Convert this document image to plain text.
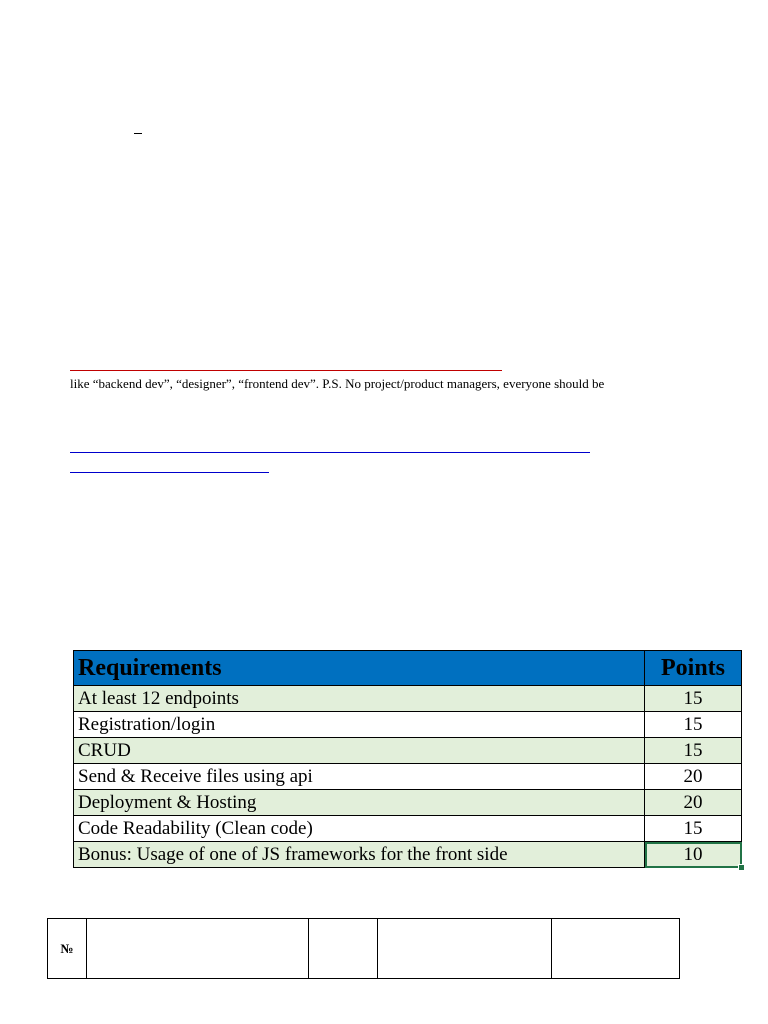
like “backend dev”, “designer”, “frontend dev”. P.S. No project/product managers, everyone should be
Requirements	Points
At least 12 endpoints	15
Registration/login	15
CRUD	15
Send & Receive files using api	20
Deployment & Hosting	20
Code Readability (Clean code)	15
Bonus: Usage of one of JS frameworks for the front side	10
№				
